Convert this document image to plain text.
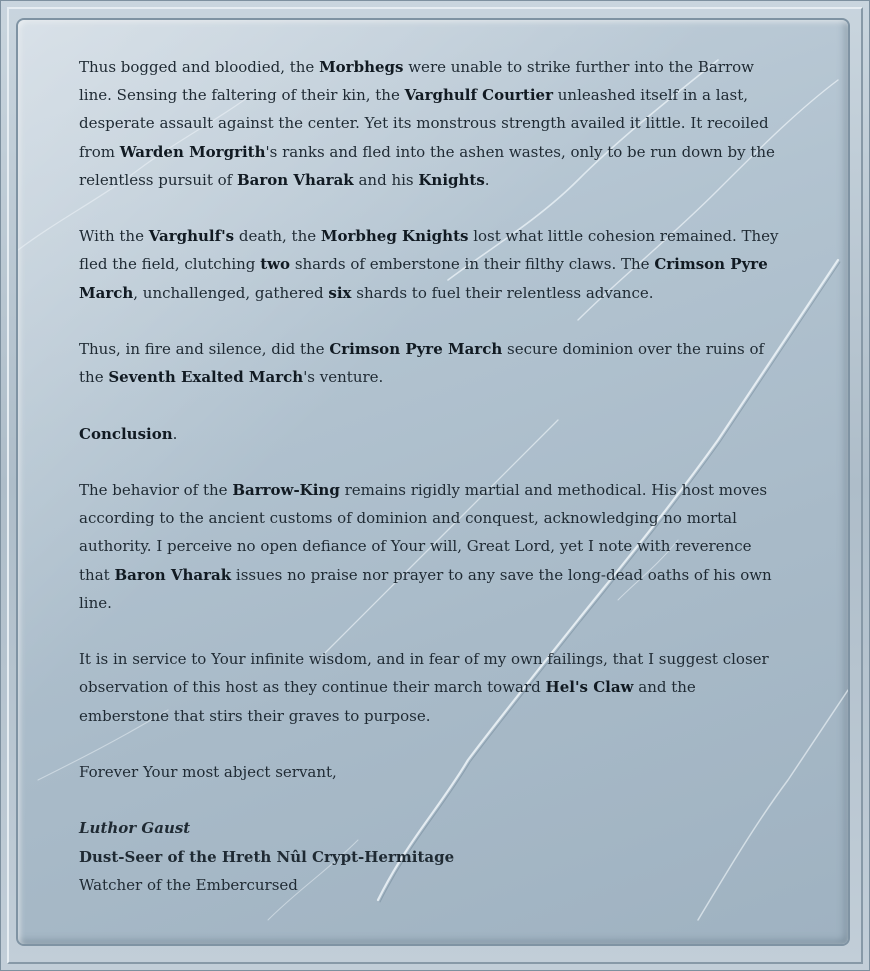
Thus bogged and bloodied, the Morbhegs were unable to strike further into the Barrow line. Sensing the faltering of their kin, the Varghulf Courtier unleashed itself in a last, desperate assault against the center. Yet its monstrous strength availed it little. It recoiled from Warden Morgrith's ranks and fled into the ashen wastes, only to be run down by the relentless pursuit of Baron Vharak and his Knights.

With the Varghulf's death, the Morbheg Knights lost what little cohesion remained. They fled the field, clutching two shards of emberstone in their filthy claws. The Crimson Pyre March, unchallenged, gathered six shards to fuel their relentless advance.

Thus, in fire and silence, did the Crimson Pyre March secure dominion over the ruins of the Seventh Exalted March's venture.

Conclusion.

The behavior of the Barrow-King remains rigidly martial and methodical. His host moves according to the ancient customs of dominion and conquest, acknowledging no mortal authority. I perceive no open defiance of Your will, Great Lord, yet I note with reverence that Baron Vharak issues no praise nor prayer to any save the long-dead oaths of his own line.

It is in service to Your infinite wisdom, and in fear of my own failings, that I suggest closer observation of this host as they continue their march toward Hel's Claw and the emberstone that stirs their graves to purpose.

Forever Your most abject servant,

Luthor Gaust
Dust-Seer of the Hreth Nûl Crypt-Hermitage
Watcher of the Embercursed
